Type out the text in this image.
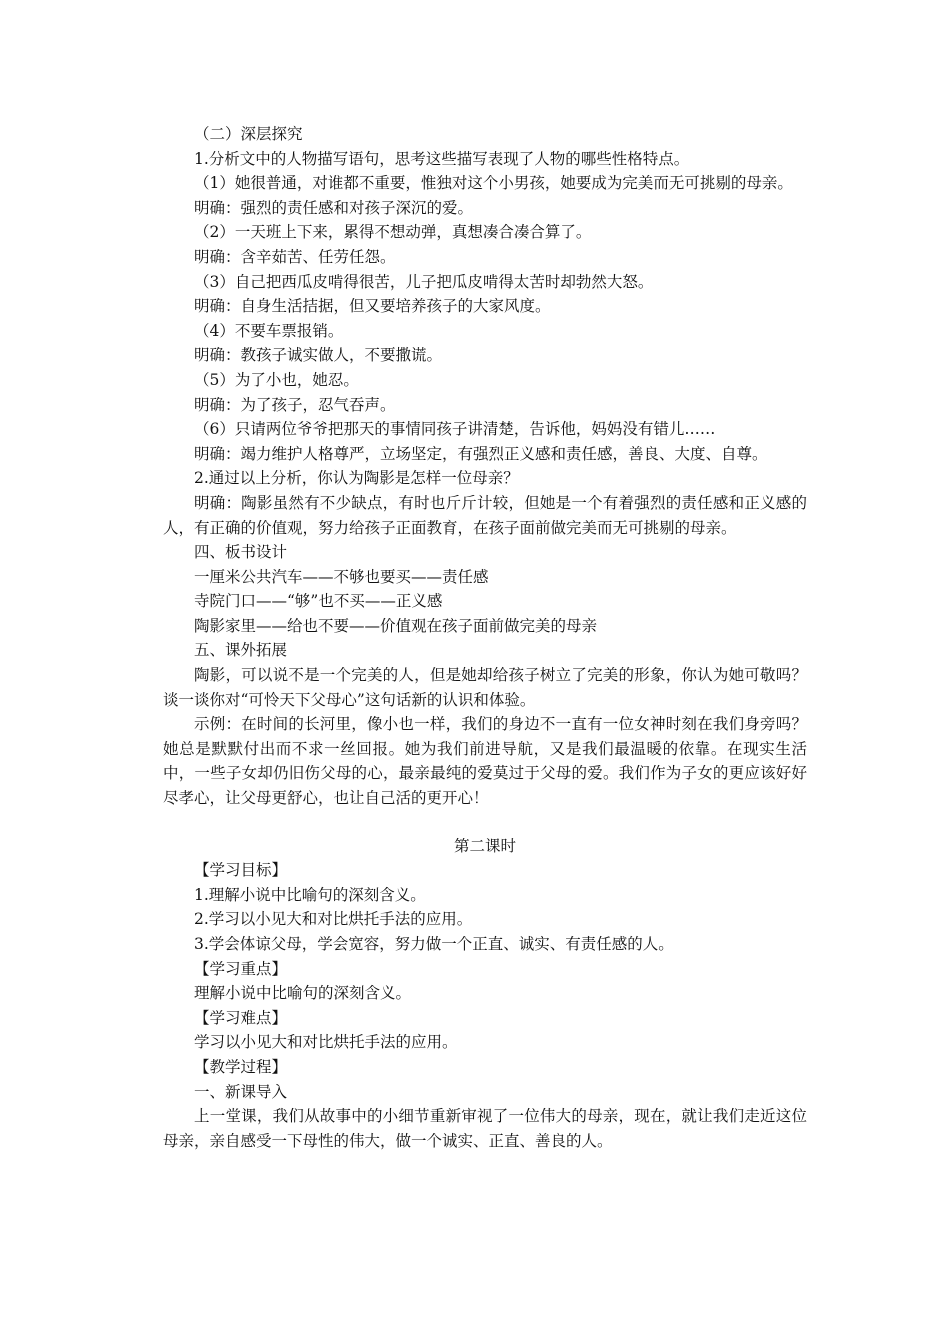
（二）深层探究

1.分析文中的人物描写语句，思考这些描写表现了人物的哪些性格特点。

（1）她很普通，对谁都不重要，惟独对这个小男孩，她要成为完美而无可挑剔的母亲。

明确：强烈的责任感和对孩子深沉的爱。

（2）一天班上下来，累得不想动弹，真想凑合凑合算了。

明确：含辛茹苦、任劳任怨。

（3）自己把西瓜皮啃得很苦，儿子把瓜皮啃得太苦时却勃然大怒。

明确：自身生活拮据，但又要培养孩子的大家风度。

（4）不要车票报销。

明确：教孩子诚实做人，不要撒谎。

（5）为了小也，她忍。

明确：为了孩子，忍气吞声。

（6）只请两位爷爷把那天的事情同孩子讲清楚，告诉他，妈妈没有错儿……

明确：竭力维护人格尊严，立场坚定，有强烈正义感和责任感，善良、大度、自尊。

2.通过以上分析，你认为陶影是怎样一位母亲？

明确：陶影虽然有不少缺点，有时也斤斤计较，但她是一个有着强烈的责任感和正义感的人，有正确的价值观，努力给孩子正面教育，在孩子面前做完美而无可挑剔的母亲。

四、板书设计

一厘米公共汽车——不够也要买——责任感

寺院门口——“够”也不买——正义感

陶影家里——给也不要——价值观在孩子面前做完美的母亲

五、课外拓展

陶影，可以说不是一个完美的人，但是她却给孩子树立了完美的形象，你认为她可敬吗？谈一谈你对“可怜天下父母心”这句话新的认识和体验。

示例：在时间的长河里，像小也一样，我们的身边不一直有一位女神时刻在我们身旁吗？她总是默默付出而不求一丝回报。她为我们前进导航，又是我们最温暖的依靠。在现实生活中，一些子女却仍旧伤父母的心，最亲最纯的爱莫过于父母的爱。我们作为子女的更应该好好尽孝心，让父母更舒心，也让自己活的更开心！

第二课时

【学习目标】

1.理解小说中比喻句的深刻含义。

2.学习以小见大和对比烘托手法的应用。

3.学会体谅父母，学会宽容，努力做一个正直、诚实、有责任感的人。

【学习重点】

理解小说中比喻句的深刻含义。

【学习难点】

学习以小见大和对比烘托手法的应用。

【教学过程】

一、新课导入

上一堂课，我们从故事中的小细节重新审视了一位伟大的母亲，现在，就让我们走近这位母亲，亲自感受一下母性的伟大，做一个诚实、正直、善良的人。
